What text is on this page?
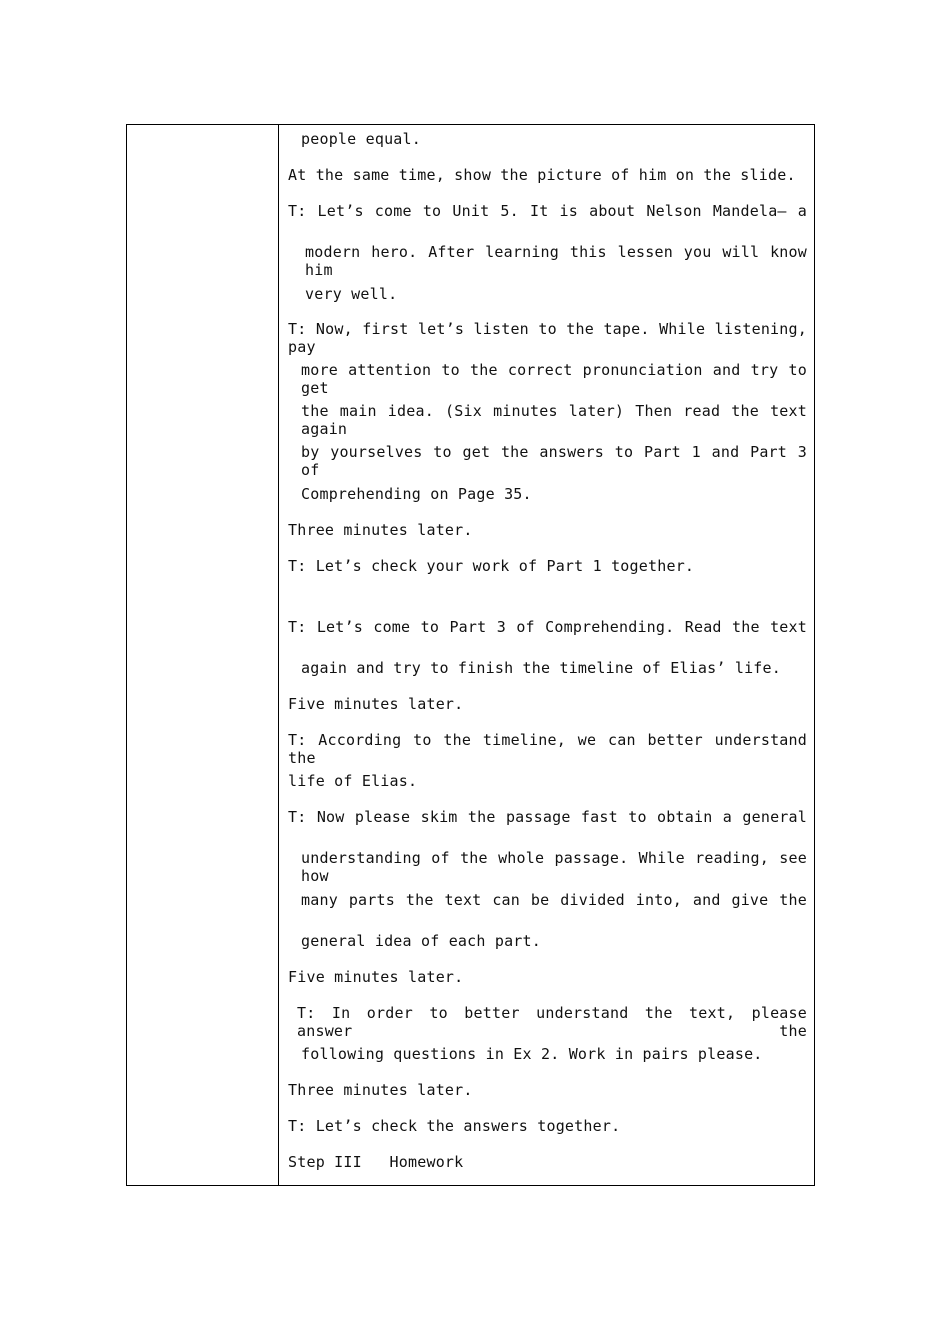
people equal.
At the same time, show the picture of him on the slide.
T: Let’s come to Unit 5. It is about Nelson Mandela— a
modern hero. After learning this lessen you will know him
very well.
T: Now, first let’s listen to the tape. While listening, pay
more attention to the correct pronunciation and try to get
the main idea. (Six minutes later) Then read the text again
by yourselves to get the answers to Part 1 and Part 3 of
Comprehending on Page 35.
Three minutes later.
T: Let’s check your work of Part 1 together.
T: Let’s come to Part 3 of Comprehending. Read the text
again and try to finish the timeline of Elias’ life.
Five minutes later.
T: According to the timeline, we can better understand the
life of Elias.
T: Now please skim the passage fast to obtain a general
understanding of the whole passage. While reading, see how
many parts the text can be divided into, and give the
general idea of each part.
Five minutes later.
T: In order to better understand the text, please answer the
following questions in Ex 2. Work in pairs please.
Three minutes later.
T: Let’s check the answers together.
Step III   Homework
